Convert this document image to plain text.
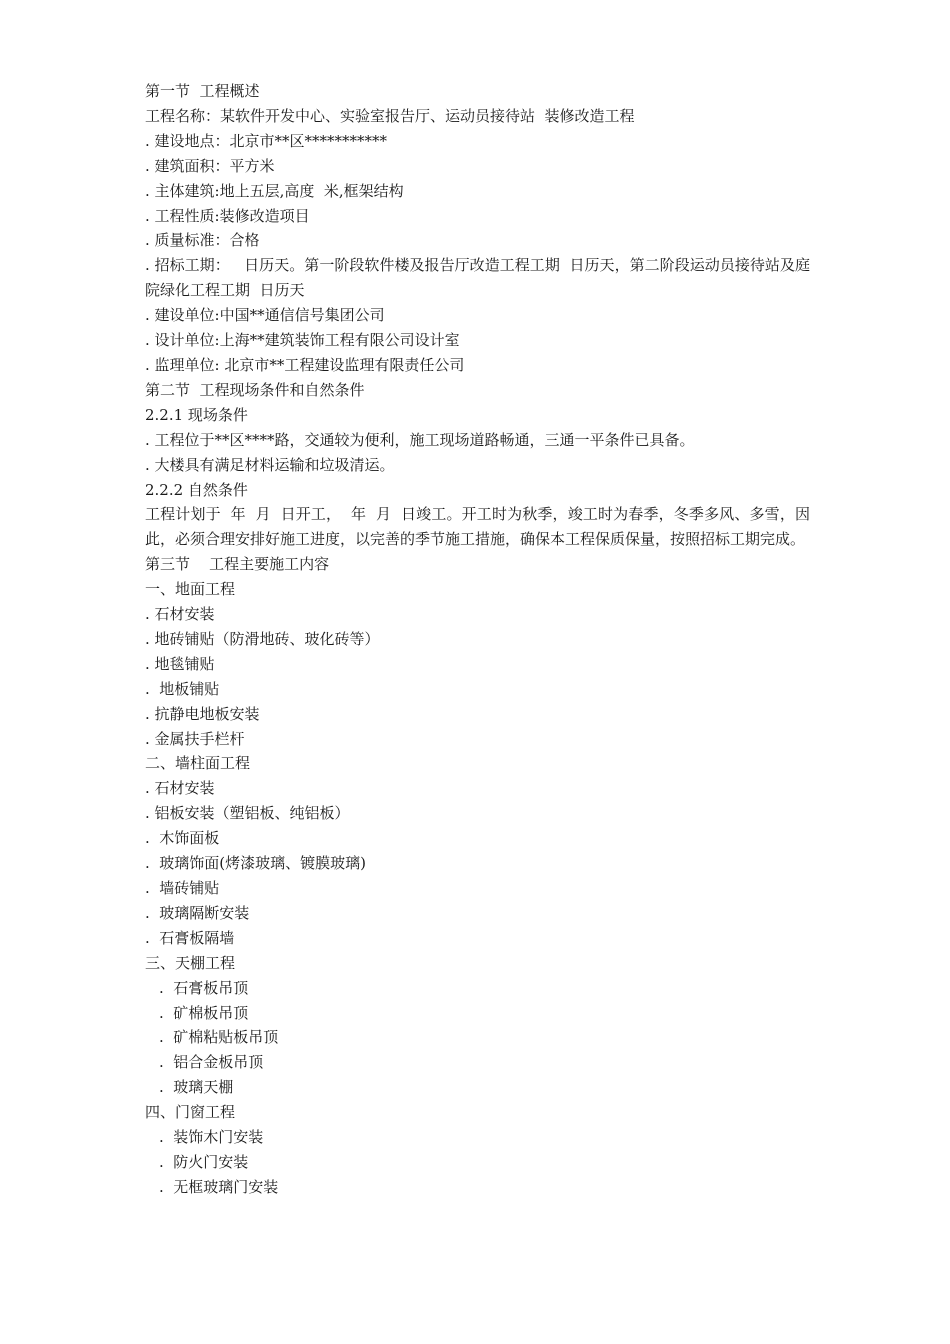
第一节  工程概述

工程名称：某软件开发中心、实验室报告厅、运动员接待站  装修改造工程

. 建设地点：北京市**区***********

. 建筑面积：平方米

. 主体建筑:地上五层,高度  米,框架结构

. 工程性质:装修改造项目

. 质量标准：合格

. 招标工期：   日历天。第一阶段软件楼及报告厅改造工程工期  日历天，第二阶段运动员接待站及庭院绿化工程工期  日历天

. 建设单位:中国**通信信号集团公司

. 设计单位:上海**建筑装饰工程有限公司设计室

. 监理单位: 北京市**工程建设监理有限责任公司

第二节  工程现场条件和自然条件

2.2.1 现场条件

. 工程位于**区****路，交通较为便利，施工现场道路畅通，三通一平条件已具备。

. 大楼具有满足材料运输和垃圾清运。

2.2.2 自然条件

工程计划于  年  月  日开工，  年  月  日竣工。开工时为秋季，竣工时为春季，冬季多风、多雪，因此，必须合理安排好施工进度，以完善的季节施工措施，确保本工程保质保量，按照招标工期完成。

第三节    工程主要施工内容

一、地面工程

. 石材安装

. 地砖铺贴（防滑地砖、玻化砖等）

. 地毯铺贴

.  地板铺贴

. 抗静电地板安装

. 金属扶手栏杆

二、墙柱面工程

. 石材安装

. 铝板安装（塑铝板、纯铝板）

.  木饰面板

.  玻璃饰面(烤漆玻璃、镀膜玻璃)

.  墙砖铺贴

.  玻璃隔断安装

.  石膏板隔墙

三、天棚工程

.  石膏板吊顶

.  矿棉板吊顶

.  矿棉粘贴板吊顶

.  铝合金板吊顶

.  玻璃天棚

四、门窗工程

.  装饰木门安装

.  防火门安装

.  无框玻璃门安装
